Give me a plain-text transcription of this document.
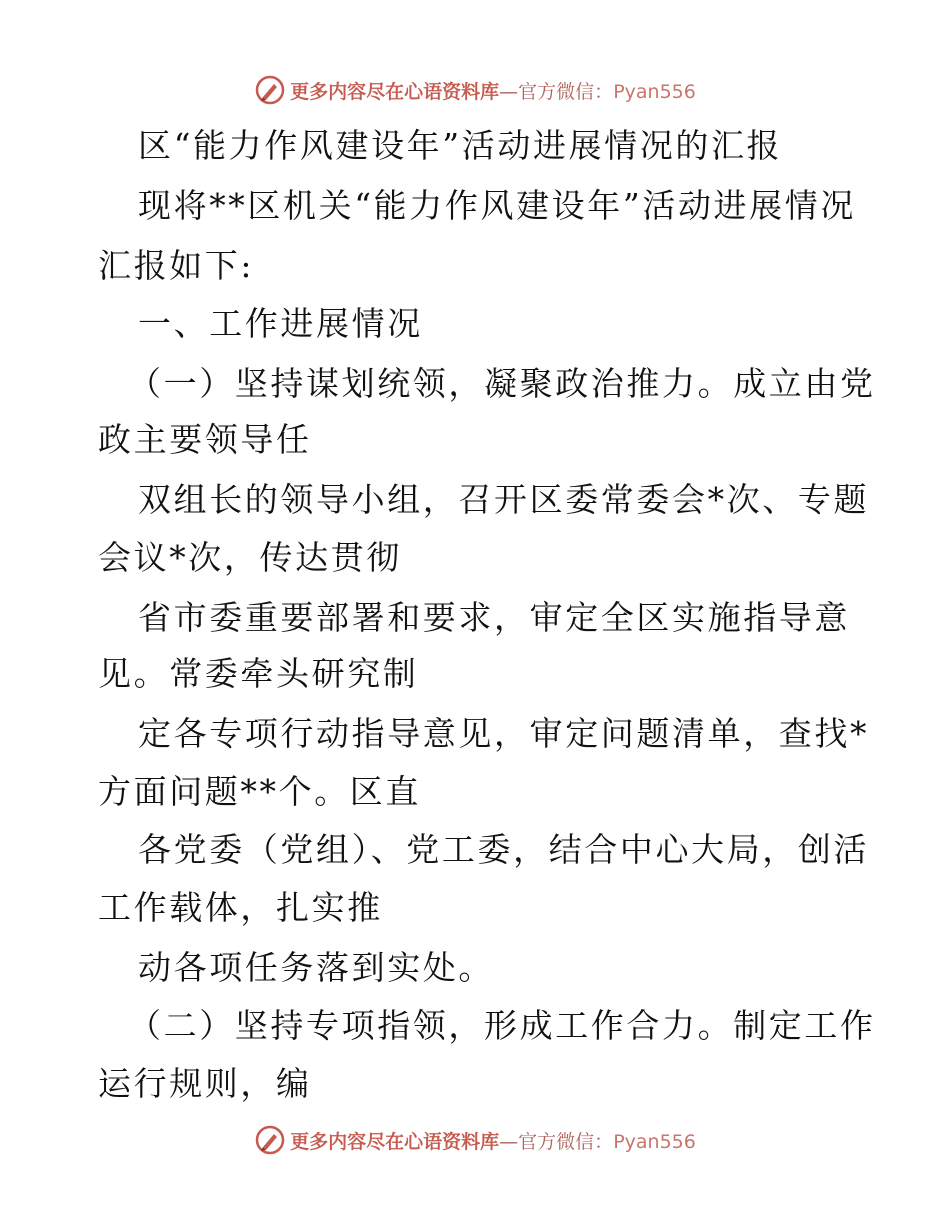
更多内容尽在心语资料库—官方微信：Pyan556
区“能力作风建设年”活动进展情况的汇报
现将**区机关“能力作风建设年”活动进展情况
汇报如下:
一、工作进展情况
（一）坚持谋划统领，凝聚政治推力。成立由党
政主要领导任
双组长的领导小组，召开区委常委会*次、专题
会议*次，传达贯彻
省市委重要部署和要求，审定全区实施指导意
见。常委牵头研究制
定各专项行动指导意见，审定问题清单，查找*
方面问题**个。区直
各党委（党组）、党工委，结合中心大局，创活
工作载体，扎实推
动各项任务落到实处。
（二）坚持专项指领，形成工作合力。制定工作
运行规则，编
更多内容尽在心语资料库—官方微信：Pyan556
